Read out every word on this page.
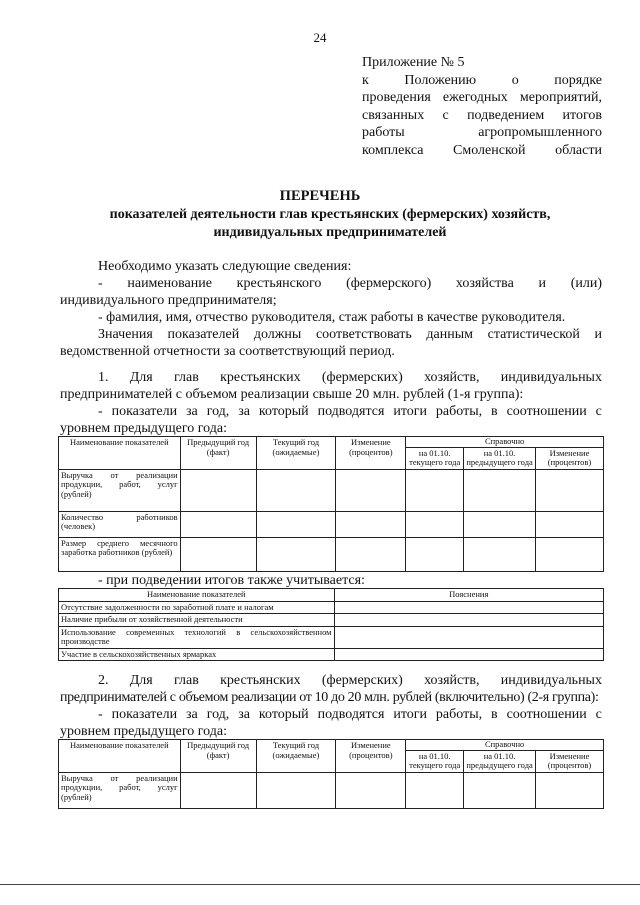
24
Приложение № 5
к	Положению	о	порядке
проведения ежегодных мероприятий,
связанных с подведением итогов
работы	агропромышленного
комплекса Смоленской области
ПЕРЕЧЕНЬ
показателей деятельности глав крестьянских (фермерских) хозяйств,
индивидуальных предпринимателей
Необходимо указать следующие сведения:
- наименование крестьянского (фермерского) хозяйства и (или)
индивидуального предпринимателя;
- фамилия, имя, отчество руководителя, стаж работы в качестве руководителя.
Значения показателей должны соответствовать данным статистической и
ведомственной отчетности за соответствующий период.
1. Для глав крестьянских (фермерских) хозяйств, индивидуальных
предпринимателей с объемом реализации свыше 20 млн. рублей (1-я группа):
- показатели за год, за который подводятся итоги работы, в соотношении с
уровнем предыдущего года:
Наименование показателей	Предыдущий год (факт)	Текущий год (ожидаемые)	Изменение (процентов)	Справочно		
				на 01.10. текущего года	на 01.10. предыдущего года	Изменение (процентов)
Выручка от реализации продукции, работ, услуг (рублей)						
Количество работников (человек)						
Размер среднего месячного заработка работников (рублей)						
- при подведении итогов также учитывается:
Наименование показателей	Пояснения
Отсутствие задолженности по заработной плате и налогам	
Наличие прибыли от хозяйственной деятельности	
Использование современных технологий в сельскохозяйственном производстве	
Участие в сельскохозяйственных ярмарках	
2. Для глав крестьянских (фермерских) хозяйств, индивидуальных
предпринимателей с объемом реализации от 10 до 20 млн. рублей (включительно) (2-я группа):
- показатели за год, за который подводятся итоги работы, в соотношении с
уровнем предыдущего года:
Наименование показателей	Предыдущий год (факт)	Текущий год (ожидаемые)	Изменение (процентов)	Справочно		
				на 01.10. текущего года	на 01.10. предыдущего года	Изменение (процентов)
Выручка от реализации продукции, работ, услуг (рублей)						
